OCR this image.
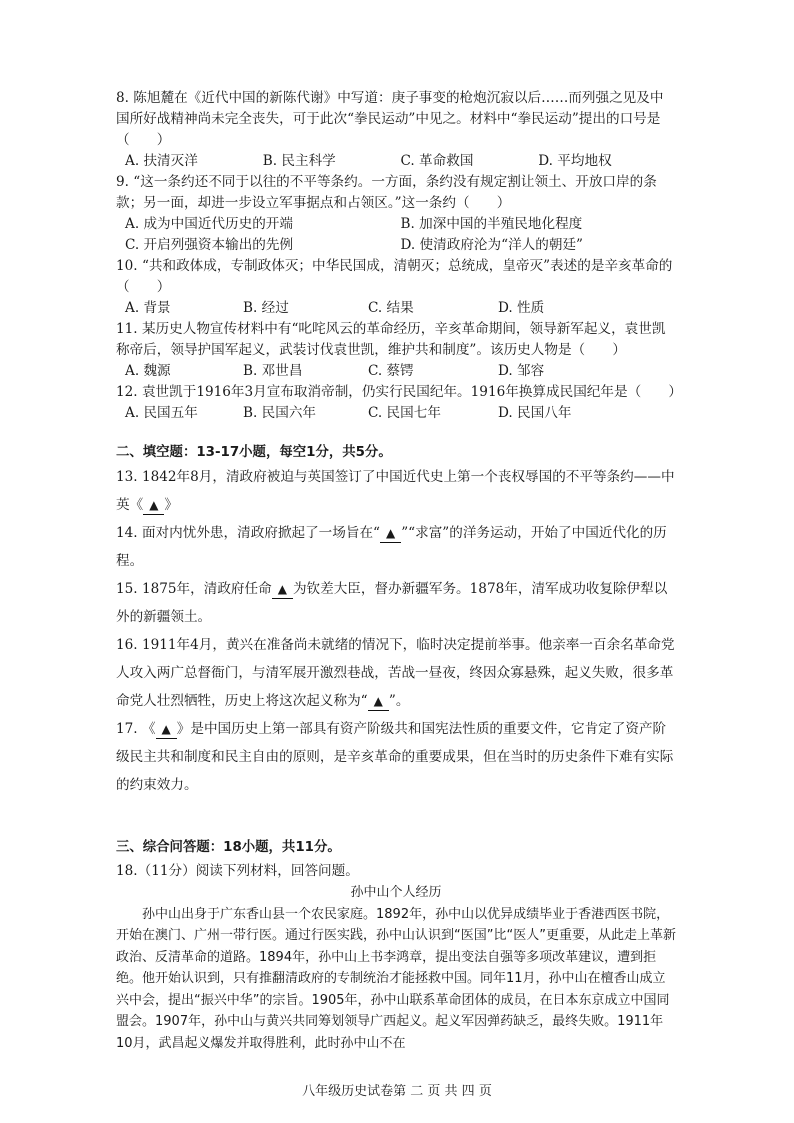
8. 陈旭麓在《近代中国的新陈代谢》中写道：庚子事变的枪炮沉寂以后……而列强之见及中国所好战精神尚未完全丧失，可于此次“拳民运动”中见之。材料中“拳民运动”提出的口号是（　　）

A. 扶清灭洋	B. 民主科学	C. 革命救国	D. 平均地权

9. “这一条约还不同于以往的不平等条约。一方面，条约没有规定割让领土、开放口岸的条款；另一面，却进一步设立军事据点和占领区。”这一条约（　　）

A. 成为中国近代历史的开端	B. 加深中国的半殖民地化程度
C. 开启列强资本输出的先例	D. 使清政府沦为“洋人的朝廷”

10. “共和政体成，专制政体灭；中华民国成，清朝灭；总统成，皇帝灭”表述的是辛亥革命的（　　）

A. 背景	B. 经过	C. 结果	D. 性质

11. 某历史人物宣传材料中有“叱咤风云的革命经历，辛亥革命期间，领导新军起义，袁世凯称帝后，领导护国军起义，武装讨伐袁世凯，维护共和制度”。该历史人物是（　　）

A. 魏源	B. 邓世昌	C. 蔡锷	D. 邹容

12. 袁世凯于1916年3月宣布取消帝制，仍实行民国纪年。1916年换算成民国纪年是（　　）

A. 民国五年	B. 民国六年	C. 民国七年	D. 民国八年

二、填空题：13-17小题，每空1分，共5分。

13. 1842年8月，清政府被迫与英国签订了中国近代史上第一个丧权辱国的不平等条约——中英《 ▲ 》

14. 面对内忧外患，清政府掀起了一场旨在“ ▲ ”“求富”的洋务运动，开始了中国近代化的历程。

15. 1875年，清政府任命 ▲ 为钦差大臣，督办新疆军务。1878年，清军成功收复除伊犁以外的新疆领土。

16. 1911年4月，黄兴在准备尚未就绪的情况下，临时决定提前举事。他亲率一百余名革命党人攻入两广总督衙门，与清军展开激烈巷战，苦战一昼夜，终因众寡悬殊，起义失败，很多革命党人壮烈牺牲，历史上将这次起义称为“ ▲ ”。

17. 《 ▲ 》是中国历史上第一部具有资产阶级共和国宪法性质的重要文件，它肯定了资产阶级民主共和制度和民主自由的原则，是辛亥革命的重要成果，但在当时的历史条件下难有实际的约束效力。

三、综合问答题：18小题，共11分。

18.（11分）阅读下列材料，回答问题。

孙中山个人经历

孙中山出身于广东香山县一个农民家庭。1892年，孙中山以优异成绩毕业于香港西医书院，开始在澳门、广州一带行医。通过行医实践，孙中山认识到“医国”比“医人”更重要，从此走上革新政治、反清革命的道路。1894年，孙中山上书李鸿章，提出变法自强等多项改革建议，遭到拒绝。他开始认识到，只有推翻清政府的专制统治才能拯救中国。同年11月，孙中山在檀香山成立兴中会，提出“振兴中华”的宗旨。1905年，孙中山联系革命团体的成员，在日本东京成立中国同盟会。1907年，孙中山与黄兴共同筹划领导广西起义。起义军因弹药缺乏，最终失败。1911年10月，武昌起义爆发并取得胜利，此时孙中山不在

八年级历史试卷第 二 页 共 四 页
